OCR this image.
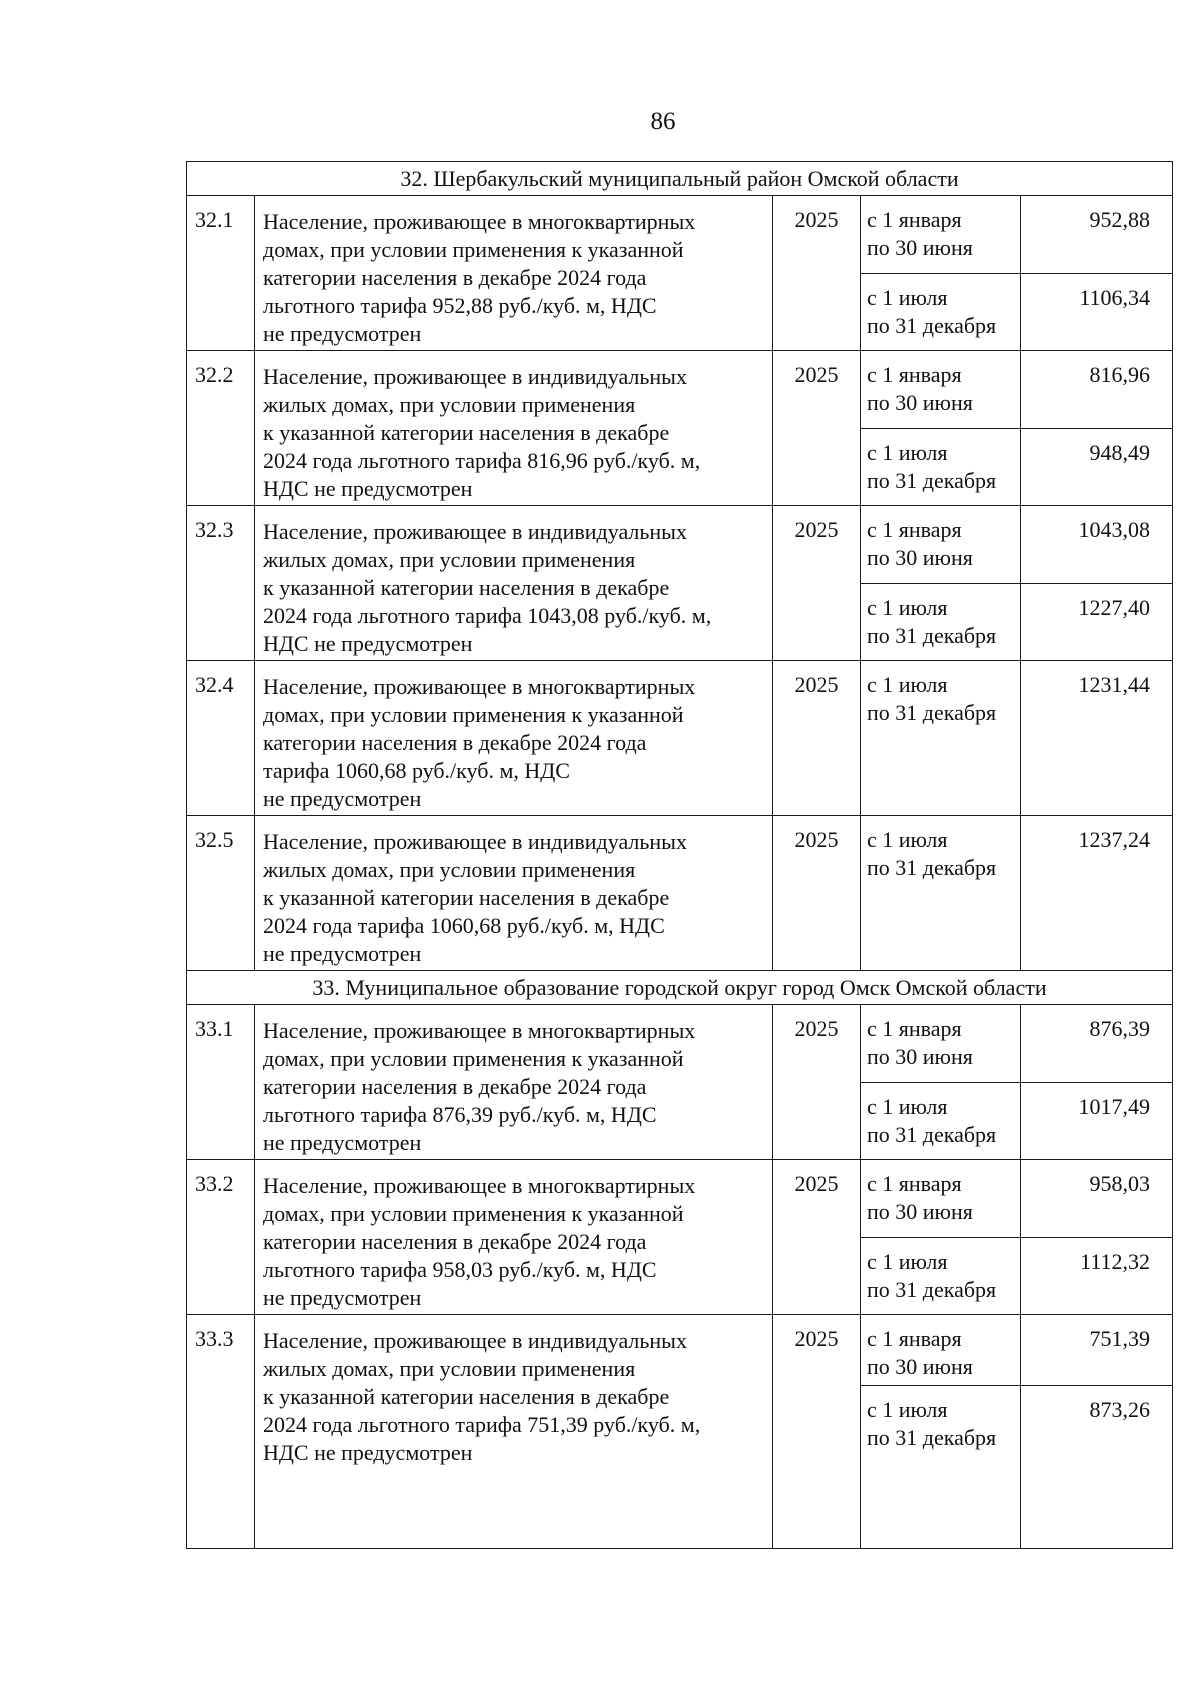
86
32. Шербакульский муниципальный район Омской области				
32.1	Население, проживающее в многоквартирных
домах, при условии применения к указанной
категории населения в декабре 2024 года
льготного тарифа 952,88 руб./куб. м, НДС
не предусмотрен	2025	с 1 января
по 30 июня	952,88

			с 1 июля
по 31 декабря	1106,34
32.2	Население, проживающее в индивидуальных
жилых домах, при условии применения
к указанной категории населения в декабре
2024 года льготного тарифа 816,96 руб./куб. м,
НДС не предусмотрен	2025	с 1 января
по 30 июня	816,96

			с 1 июля
по 31 декабря	948,49
32.3	Население, проживающее в индивидуальных
жилых домах, при условии применения
к указанной категории населения в декабре
2024 года льготного тарифа 1043,08 руб./куб. м,
НДС не предусмотрен	2025	с 1 января
по 30 июня	1043,08

			с 1 июля
по 31 декабря	1227,40
32.4	Население, проживающее в многоквартирных
домах, при условии применения к указанной
категории населения в декабре 2024 года
тарифа 1060,68 руб./куб. м, НДС
не предусмотрен	2025	с 1 июля
по 31 декабря	1231,44
32.5	Население, проживающее в индивидуальных
жилых домах, при условии применения
к указанной категории населения в декабре
2024 года тарифа 1060,68 руб./куб. м, НДС
не предусмотрен	2025	с 1 июля
по 31 декабря	1237,24
33. Муниципальное образование городской округ город Омск Омской области				
33.1	Население, проживающее в многоквартирных
домах, при условии применения к указанной
категории населения в декабре 2024 года
льготного тарифа 876,39 руб./куб. м, НДС
не предусмотрен	2025	с 1 января
по 30 июня	876,39

			с 1 июля
по 31 декабря	1017,49
33.2	Население, проживающее в многоквартирных
домах, при условии применения к указанной
категории населения в декабре 2024 года
льготного тарифа 958,03 руб./куб. м, НДС
не предусмотрен	2025	с 1 января
по 30 июня	958,03

			с 1 июля
по 31 декабря	1112,32
33.3	Население, проживающее в индивидуальных
жилых домах, при условии применения
к указанной категории населения в декабре
2024 года льготного тарифа 751,39 руб./куб. м,
НДС не предусмотрен	2025	с 1 января
по 30 июня	751,39

			с 1 июля
по 31 декабря	873,26
